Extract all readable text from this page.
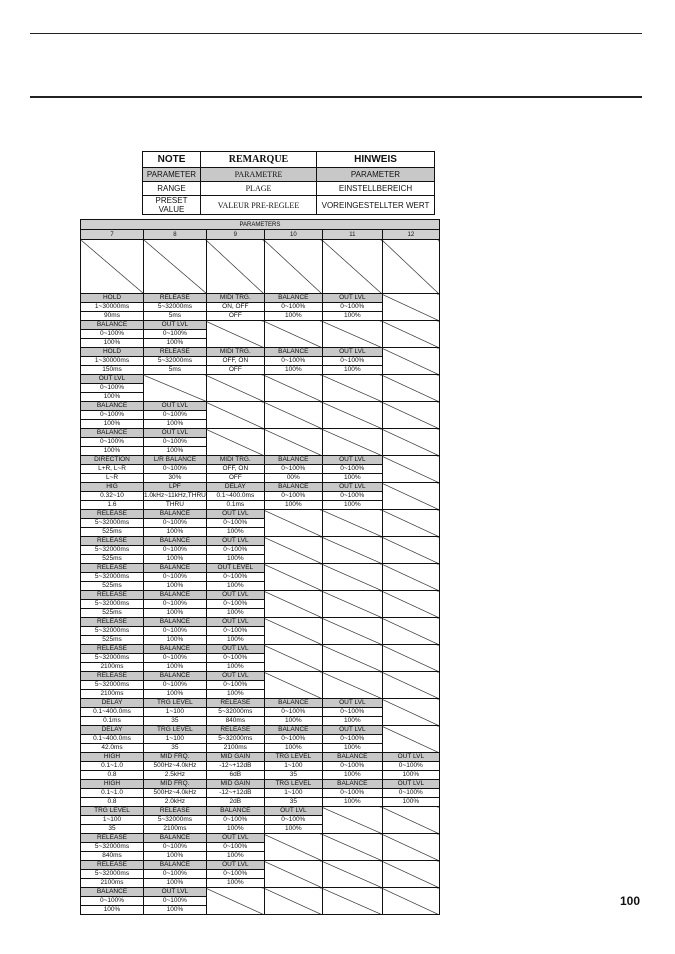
NOTE	REMARQUE	HINWEIS
PARAMETER	PARAMETRE	PARAMETER
RANGE	PLAGE	EINSTELLBEREICH
PRESET VALUE	VALEUR PRE-REGLEE	VOREINGESTELLTER WERT
PARAMETERS					
7	8	9	10	11	12

HOLD	RELEASE	MIDI TRG.	BALANCE	OUT LVL	
1~30000ms	5~32000ms	ON, OFF	0~100%	0~100%	
90ms	5ms	OFF	100%	100%	
BALANCE	OUT LVL				
0~100%	0~100%				
100%	100%				
HOLD	RELEASE	MIDI TRG.	BALANCE	OUT LVL	
1~30000ms	5~32000ms	OFF, ON	0~100%	0~100%	
150ms	5ms	OFF	100%	100%	
OUT LVL					
0~100%					
100%					
BALANCE	OUT LVL				
0~100%	0~100%				
100%	100%				
BALANCE	OUT LVL				
0~100%	0~100%				
100%	100%				
DIRECTION	L/R BALANCE	MIDI TRG.	BALANCE	OUT LVL	
L+R, L~R	0~100%	OFF, ON	0~100%	0~100%	
L~R	30%	OFF	00%	100%	
HIG	LPF	DELAY	BALANCE	OUT LVL	
0.32~10	1.0kHz~11kHz,THRU	0.1~400.0ms	0~100%	0~100%	
1.6	THRU	0.1ms	100%	100%	
RELEASE	BALANCE	OUT LVL			
5~32000ms	0~100%	0~100%			
525ms	100%	100%			
RELEASE	BALANCE	OUT LVL			
5~32000ms	0~100%	0~100%			
525ms	100%	100%			
RELEASE	BALANCE	OUT LEVEL			
5~32000ms	0~100%	0~100%			
525ms	100%	100%			
RELEASE	BALANCE	OUT LVL			
5~32000ms	0~100%	0~100%			
525ms	100%	100%			
RELEASE	BALANCE	OUT LVL			
5~32000ms	0~100%	0~100%			
525ms	100%	100%			
RELEASE	BALANCE	OUT LVL			
5~32000ms	0~100%	0~100%			
2100ms	100%	100%			
RELEASE	BALANCE	OUT LVL			
5~32000ms	0~100%	0~100%			
2100ms	100%	100%			
DELAY	TRG LEVEL	RELEASE	BALANCE	OUT LVL	
0.1~400.0ms	1~100	5~32000ms	0~100%	0~100%	
0.1ms	35	840ms	100%	100%	
DELAY	TRG LEVEL	RELEASE	BALANCE	OUT LVL	
0.1~400.0ms	1~100	5~32000ms	0~100%	0~100%	
42.0ms	35	2100ms	100%	100%	
HIGH	MID FRQ.	MID GAIN	TRG LEVEL	BALANCE	OUT LVL
0.1~1.0	500Hz~4.0kHz	-12~+12dB	1~100	0~100%	0~100%
0.8	2.5kHz	6dB	35	100%	100%
HIGH	MID FRQ.	MID GAIN	TRG LEVEL	BALANCE	OUT LVL
0.1~1.0	500Hz~4.0kHz	-12~+12dB	1~100	0~100%	0~100%
0.8	2.0kHz	2dB	35	100%	100%
TRG LEVEL	RELEASE	BALANCE	OUT LVL		
1~100	5~32000ms	0~100%	0~100%		
35	2100ms	100%	100%		
RELEASE	BALANCE	OUT LVL			
5~32000ms	0~100%	0~100%			
840ms	100%	100%			
RELEASE	BALANCE	OUT LVL			
5~32000ms	0~100%	0~100%			
2100ms	100%	100%			
BALANCE	OUT LVL				
0~100%	0~100%				
100%	100%				
100
